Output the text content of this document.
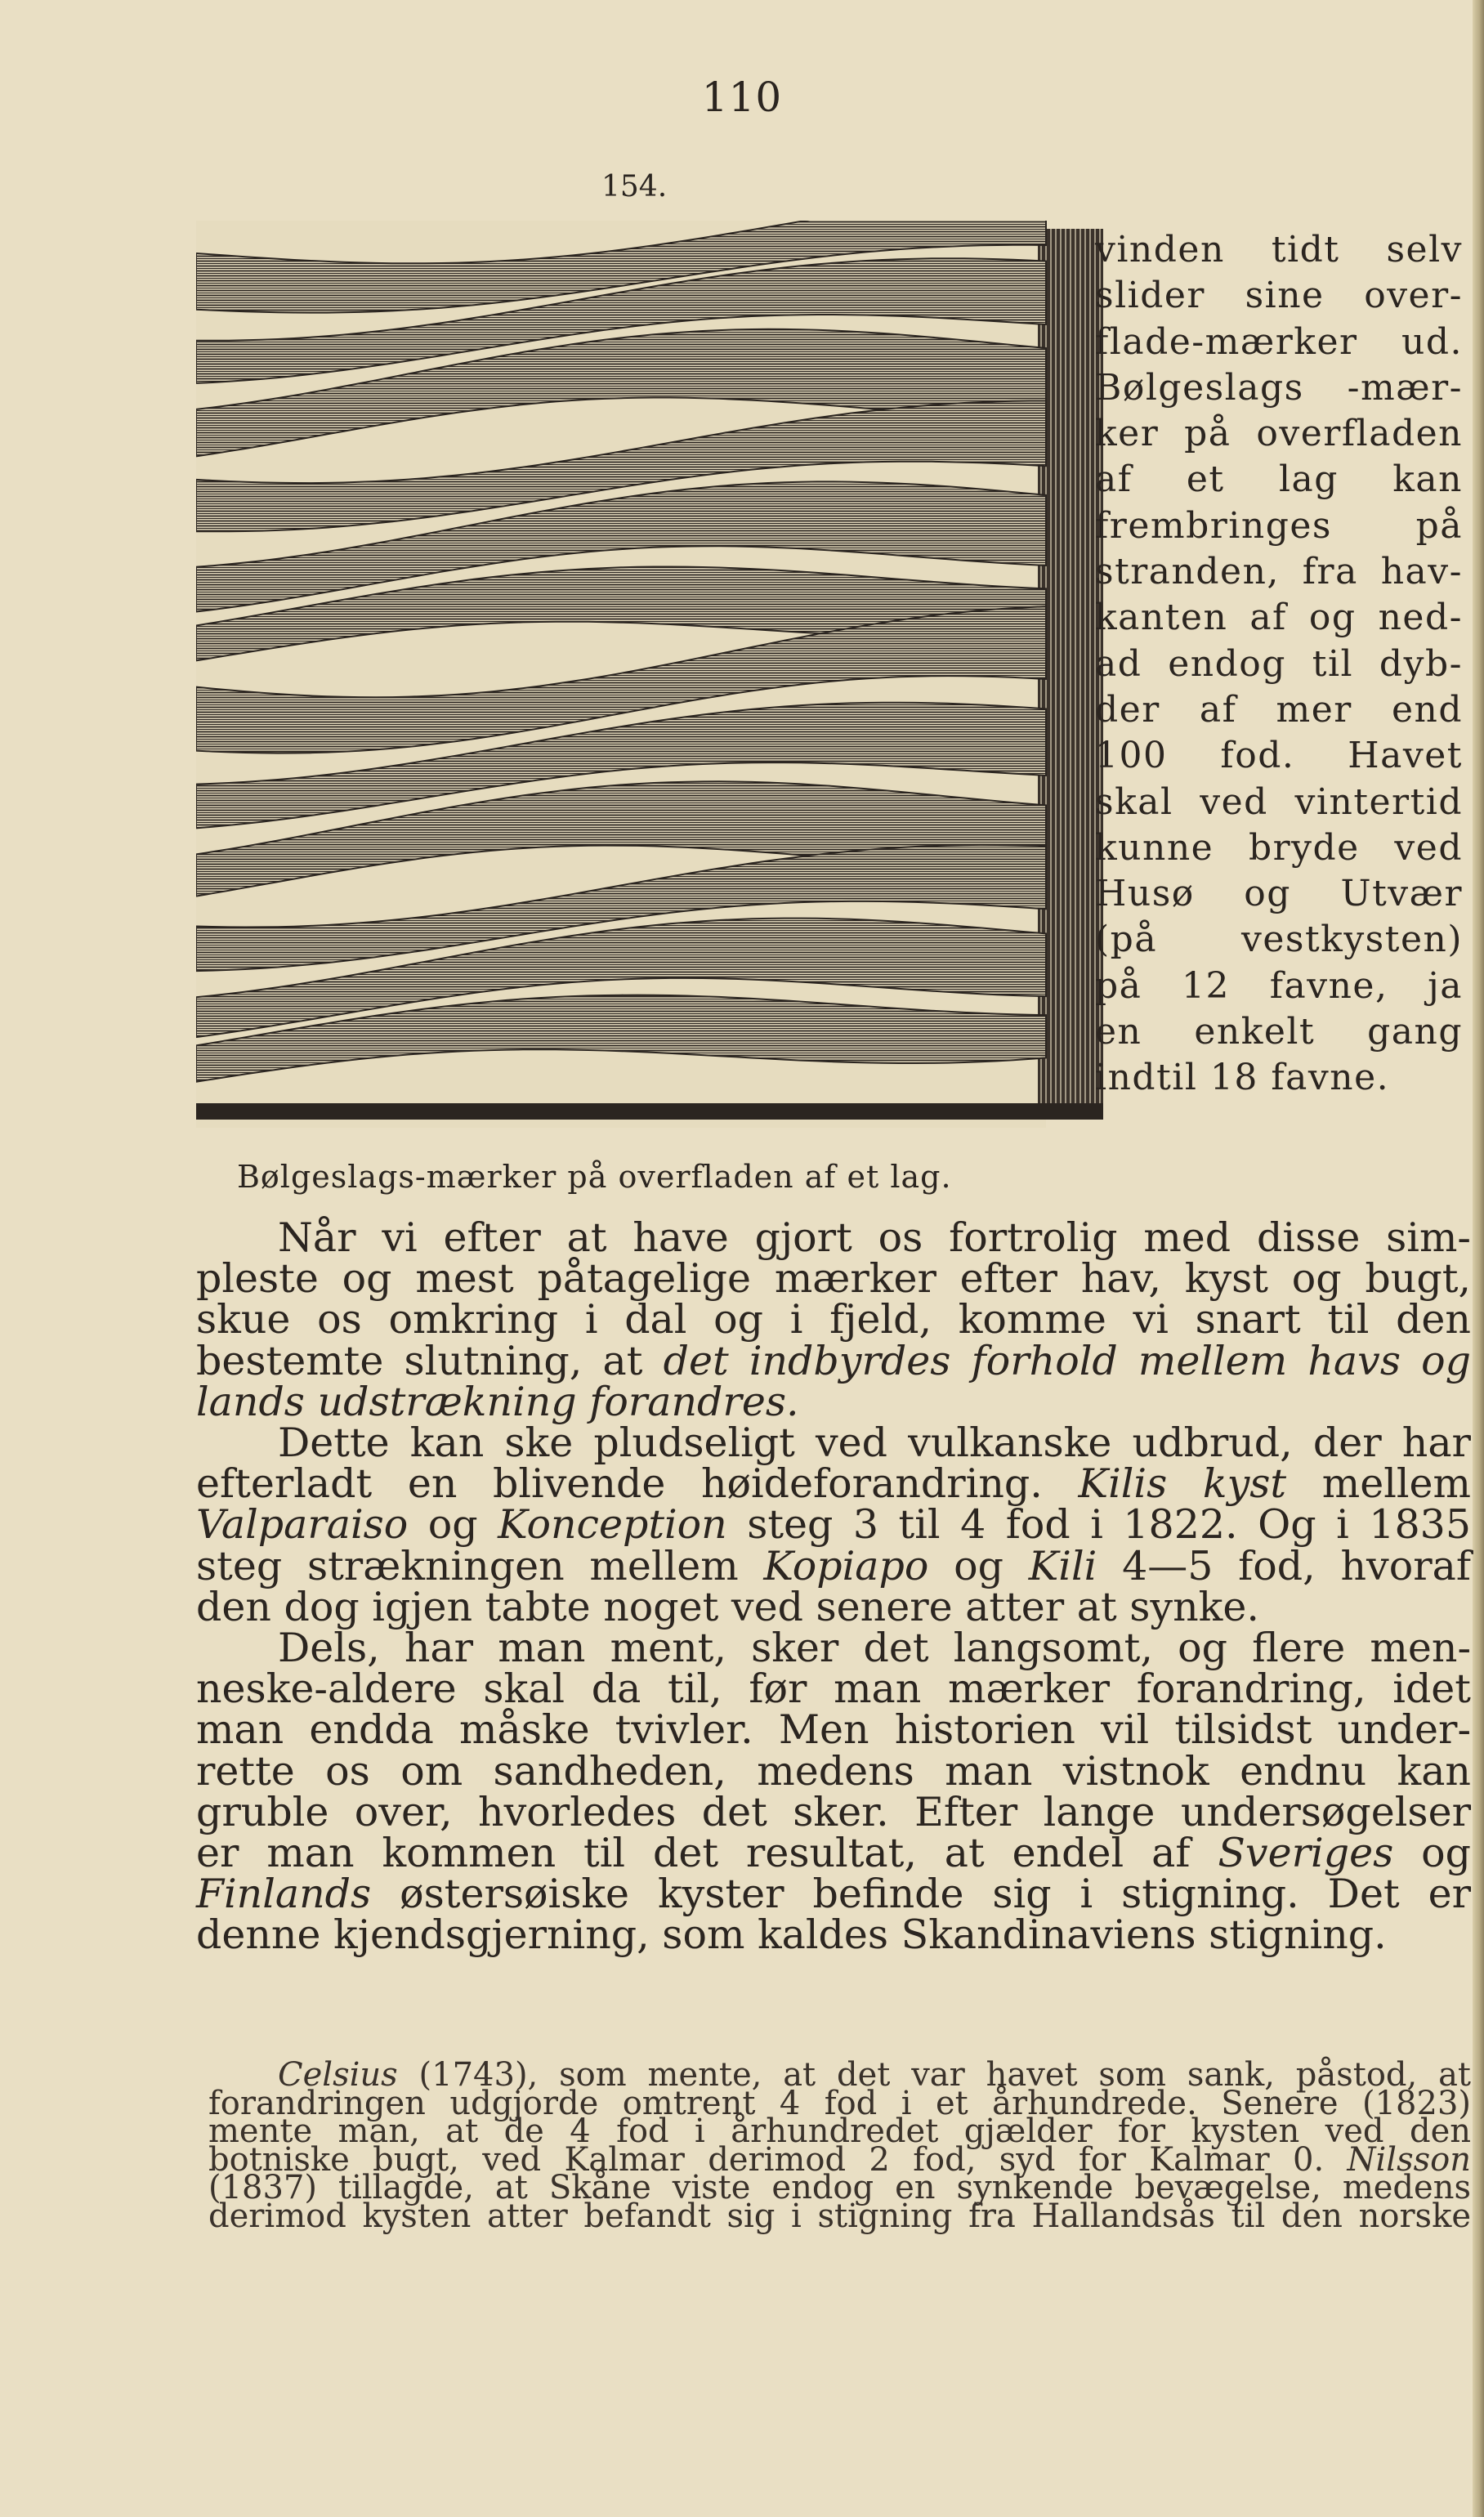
110
154.
vinden tidt selv
slider sine over-
flade-mærker ud.
Bølgeslags -mær-
ker på overfladen
af et lag kan
frembringes på
stranden, fra hav-
kanten af og ned-
ad endog til dyb-
der af mer end
100 fod. Havet
skal ved vintertid
kunne bryde ved
Husø og Utvær
(på vestkysten)
på 12 favne, ja
en enkelt gang
indtil 18 favne.
Bølgeslags-mærker på overfladen af et lag.
Når vi efter at have gjort os fortrolig med disse sim-
pleste og mest påtagelige mærker efter hav, kyst og bugt,
skue os omkring i dal og i fjeld, komme vi snart til den
bestemte slutning, at det indbyrdes forhold mellem havs og
lands udstrækning forandres.
Dette kan ske pludseligt ved vulkanske udbrud, der har
efterladt en blivende høideforandring. Kilis kyst mellem
Valparaiso og Konception steg 3 til 4 fod i 1822. Og i 1835
steg strækningen mellem Kopiapo og Kili 4—5 fod, hvoraf
den dog igjen tabte noget ved senere atter at synke.
Dels, har man ment, sker det langsomt, og flere men-
neske-aldere skal da til, før man mærker forandring, idet
man endda måske tvivler. Men historien vil tilsidst under-
rette os om sandheden, medens man vistnok endnu kan
gruble over, hvorledes det sker. Efter lange undersøgelser
er man kommen til det resultat, at endel af Sveriges og
Finlands østersøiske kyster befinde sig i stigning. Det er
denne kjendsgjerning, som kaldes Skandinaviens stigning.
Celsius (1743), som mente, at det var havet som sank, påstod, at
forandringen udgjorde omtrent 4 fod i et århundrede. Senere (1823)
mente man, at de 4 fod i århundredet gjælder for kysten ved den
botniske bugt, ved Kalmar derimod 2 fod, syd for Kalmar 0. Nilsson
(1837) tillagde, at Skåne viste endog en synkende bevægelse, medens
derimod kysten atter befandt sig i stigning fra Hallandsås til den norske
